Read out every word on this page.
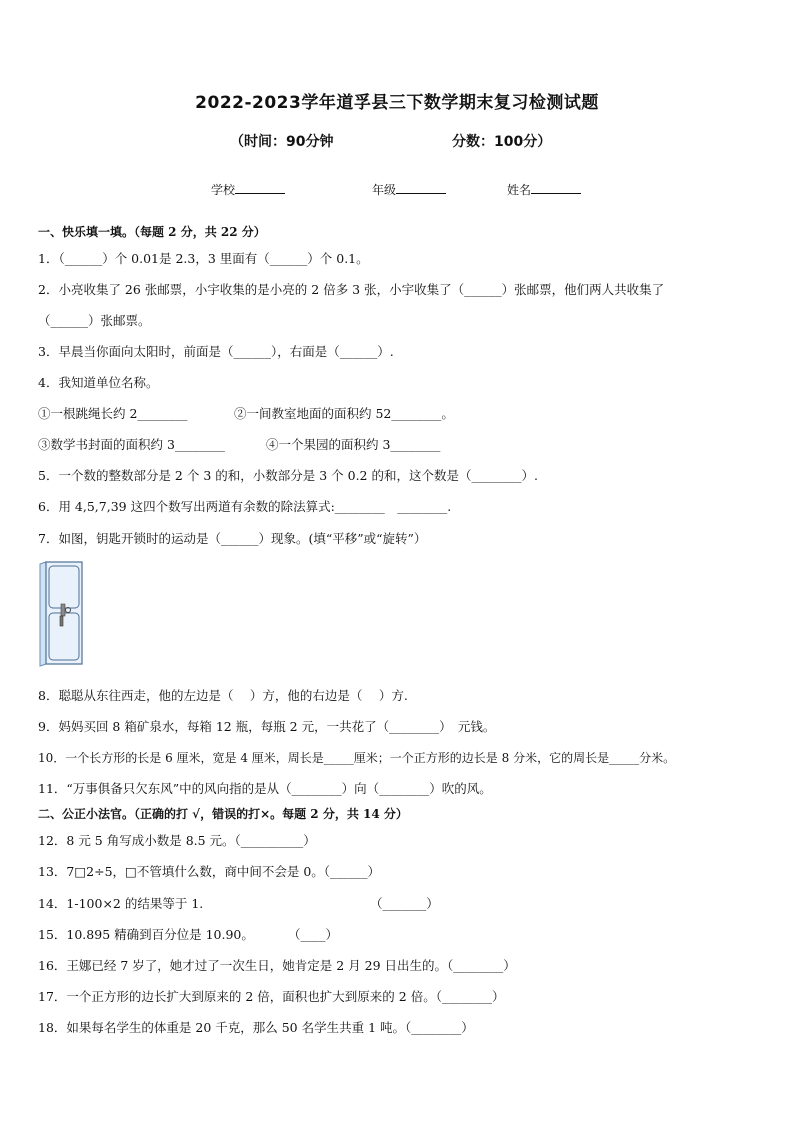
2022-2023学年道孚县三下数学期末复习检测试题
（时间：90分钟	分数：100分）
学校	年级	姓名
一、快乐填一填。（每题 2 分，共 22 分）
1．（______）个 0.01是 2.3，3 里面有（______）个 0.1。
2．小亮收集了 26 张邮票，小宇收集的是小亮的 2 倍多 3 张，小宇收集了（______）张邮票，他们两人共收集了
（______）张邮票。
3．早晨当你面向太阳时，前面是（______），右面是（______）.
4．我知道单位名称。
①一根跳绳长约 2________	②一间教室地面的面积约 52________。
③数学书封面的面积约 3________	④一个果园的面积约 3________
5．一个数的整数部分是 2 个 3 的和，小数部分是 3 个 0.2 的和，这个数是（________）.
6．用 4,5,7,39 这四个数写出两道有余数的除法算式:________　________.
7．如图，钥匙开锁时的运动是（______）现象。(填“平移”或“旋转”）
8．聪聪从东往西走，他的左边是（　 ）方，他的右边是（　 ）方.
9．妈妈买回 8 箱矿泉水，每箱 12 瓶，每瓶 2 元，一共花了（________）　元钱。
10．一个长方形的长是 6 厘米，宽是 4 厘米，周长是_____厘米；一个正方形的边长是 8 分米，它的周长是_____分米。
11．“万事俱备只欠东风”中的风向指的是从（________）向（________）吹的风。
二、公正小法官。（正确的打 √，错误的打×。每题 2 分，共 14 分）
12．8 元 5 角写成小数是 8.5 元。（__________）
13．7□2÷5，□不管填什么数，商中间不会是 0。（______）
14．1-100×2 的结果等于 1.	（_______）
15．10.895 精确到百分位是 10.90。	（____）
16．王娜已经 7 岁了，她才过了一次生日，她肯定是 2 月 29 日出生的。（________）
17．一个正方形的边长扩大到原来的 2 倍，面积也扩大到原来的 2 倍。（________）
18．如果每名学生的体重是 20 千克，那么 50 名学生共重 1 吨。（________）
